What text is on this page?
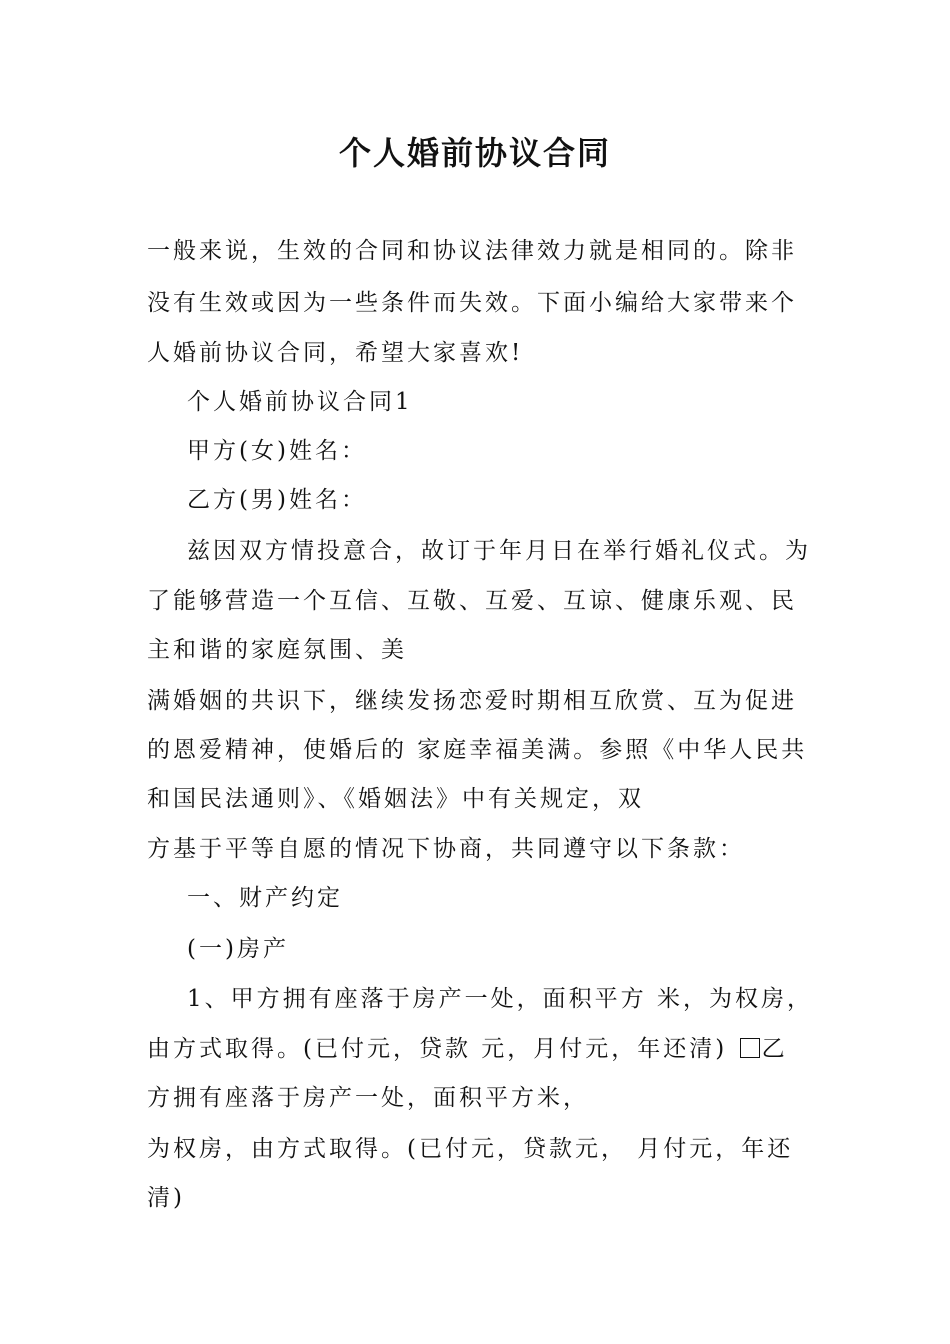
个人婚前协议合同
一般来说，生效的合同和协议法律效力就是相同的。除非
没有生效或因为一些条件而失效。下面小编给大家带来个
人婚前协议合同，希望大家喜欢!
个人婚前协议合同1
甲方(女)姓名：
乙方(男)姓名：
兹因双方情投意合，故订于年月日在举行婚礼仪式。为
了能够营造一个互信、互敬、互爱、互谅、健康乐观、民
主和谐的家庭氛围、美
满婚姻的共识下，继续发扬恋爱时期相互欣赏、互为促进
的恩爱精神，使婚后的 家庭幸福美满。参照《中华人民共
和国民法通则》、《婚姻法》中有关规定，双
方基于平等自愿的情况下协商，共同遵守以下条款：
一、财产约定
(一)房产
1、甲方拥有座落于房产一处，面积平方 米，为权房，
由方式取得。(已付元，贷款 元，月付元，年还清) 乙
方拥有座落于房产一处，面积平方米，
为权房，由方式取得。(已付元，贷款元， 月付元，年还
清)
